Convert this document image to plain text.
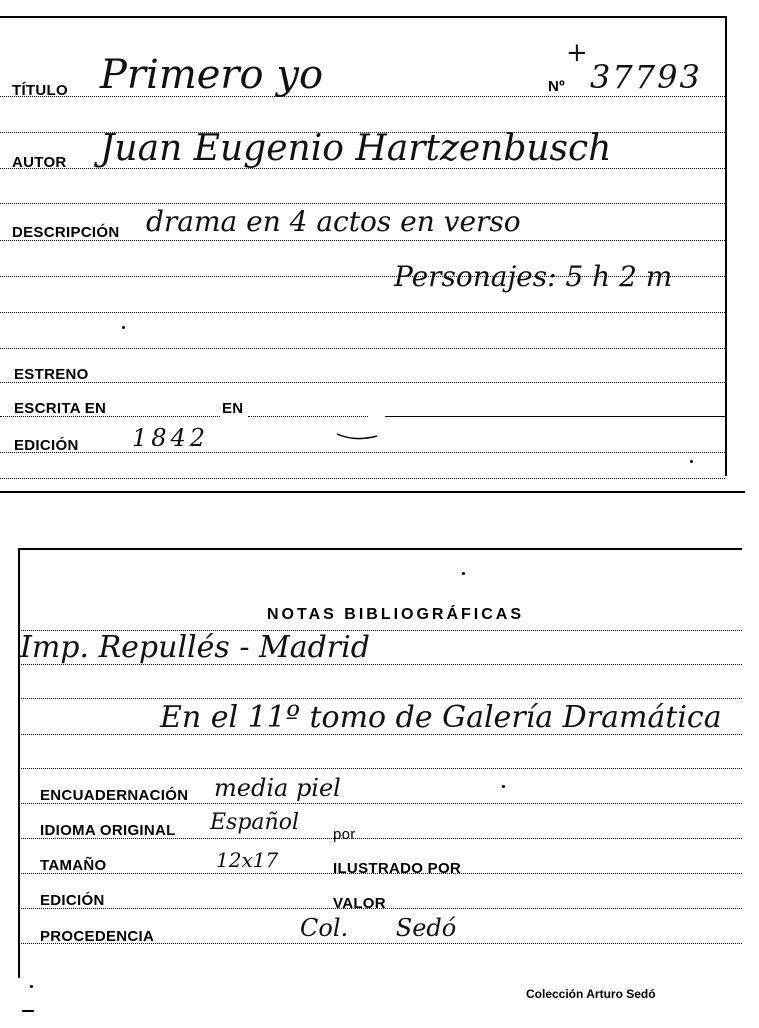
TÍTULO Primero yo	Nº
+
37793
AUTOR Juan Eugenio Hartzenbusch
DESCRIPCIÓN drama en 4 actos en verso
Personajes: 5 h 2 m
ESTRENO
ESCRITA EN	EN
EDICIÓN 1842
NOTAS BIBLIOGRÁFICAS
Imp. Repullés - Madrid
En el 11º tomo de Galería Dramática
ENCUADERNACIÓN media piel
IDIOMA ORIGINAL Español por
TAMAÑO	12x17	ILUSTRADO POR
EDICIÓN	VALOR
PROCEDENCIA	Col. Sedó
Colección Arturo Sedó
